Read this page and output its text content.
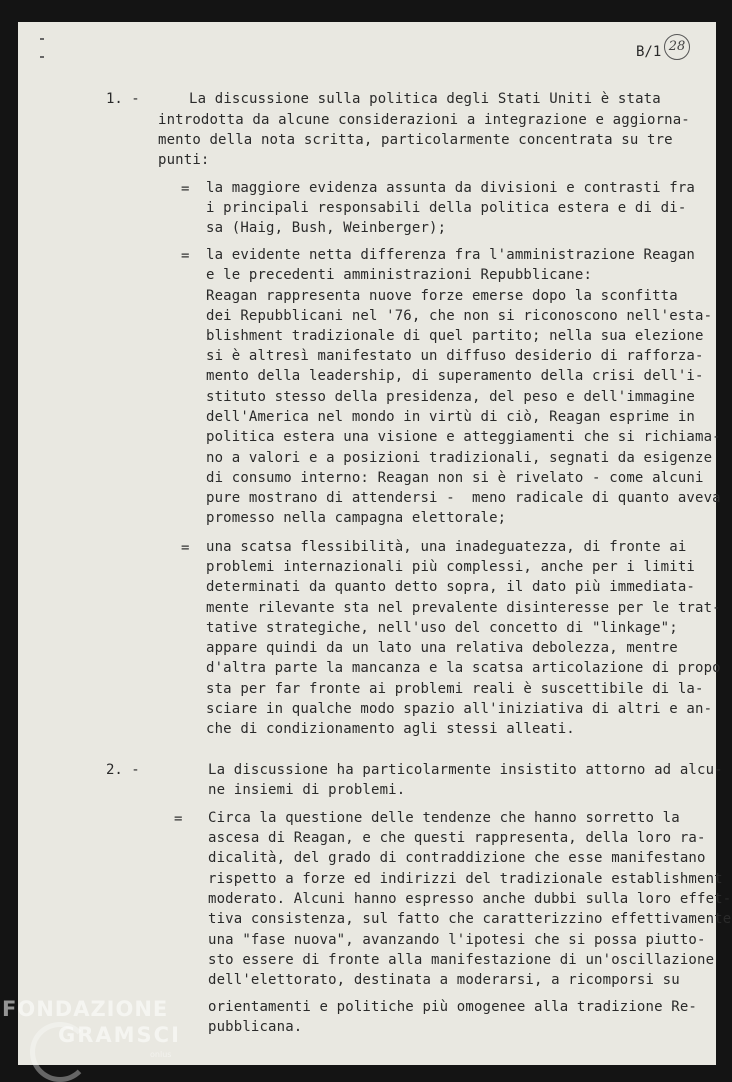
B/1 28
1. -	La discussione sulla politica degli Stati Uniti è stata
introdotta da alcune considerazioni a integrazione e aggiorna-
mento della nota scritta, particolarmente concentrata su tre
punti:
= la maggiore evidenza assunta da divisioni e contrasti fra
i principali responsabili della politica estera e di di-
sa (Haig, Bush, Weinberger);
= la evidente netta differenza fra l'amministrazione Reagan
e le precedenti amministrazioni Repubblicane:
Reagan rappresenta nuove forze emerse dopo la sconfitta
dei Repubblicani nel '76, che non si riconoscono nell'esta-
blishment tradizionale di quel partito; nella sua elezione
si è altresì manifestato un diffuso desiderio di rafforza-
mento della leadership, di superamento della crisi dell'i-
stituto stesso della presidenza, del peso e dell'immagine
dell'America nel mondo in virtù di ciò, Reagan esprime in
politica estera una visione e atteggiamenti che si richiama-
no a valori e a posizioni tradizionali, segnati da esigenze
di consumo interno: Reagan non si è rivelato - come alcuni
pure mostrano di attendersi -  meno radicale di quanto aveva
promesso nella campagna elettorale;
= una scatsa flessibilità, una inadeguatezza, di fronte ai
problemi internazionali più complessi, anche per i limiti
determinati da quanto detto sopra, il dato più immediata-
mente rilevante sta nel prevalente disinteresse per le trat-
tative strategiche, nell'uso del concetto di "linkage";
appare quindi da un lato una relativa debolezza, mentre
d'altra parte la mancanza e la scatsa articolazione di propo
sta per far fronte ai problemi reali è suscettibile di la-
sciare in qualche modo spazio all'iniziativa di altri e an-
che di condizionamento agli stessi alleati.
2. -	La discussione ha particolarmente insistito attorno ad alcu-
ne insiemi di problemi.
= Circa la questione delle tendenze che hanno sorretto la
ascesa di Reagan, e che questi rappresenta, della loro ra-
dicalità, del grado di contraddizione che esse manifestano
rispetto a forze ed indirizzi del tradizionale establishment
moderato. Alcuni hanno espresso anche dubbi sulla loro effet-
tiva consistenza, sul fatto che caratterizzino effettivamente
una "fase nuova", avanzando l'ipotesi che si possa piutto-
sto essere di fronte alla manifestazione di un'oscillazione
dell'elettorato, destinata a moderarsi, a ricomporsi su
orientamenti e politiche più omogenee alla tradizione Re-
pubblicana.
FONDAZIONE
GRAMSCI
onlus
